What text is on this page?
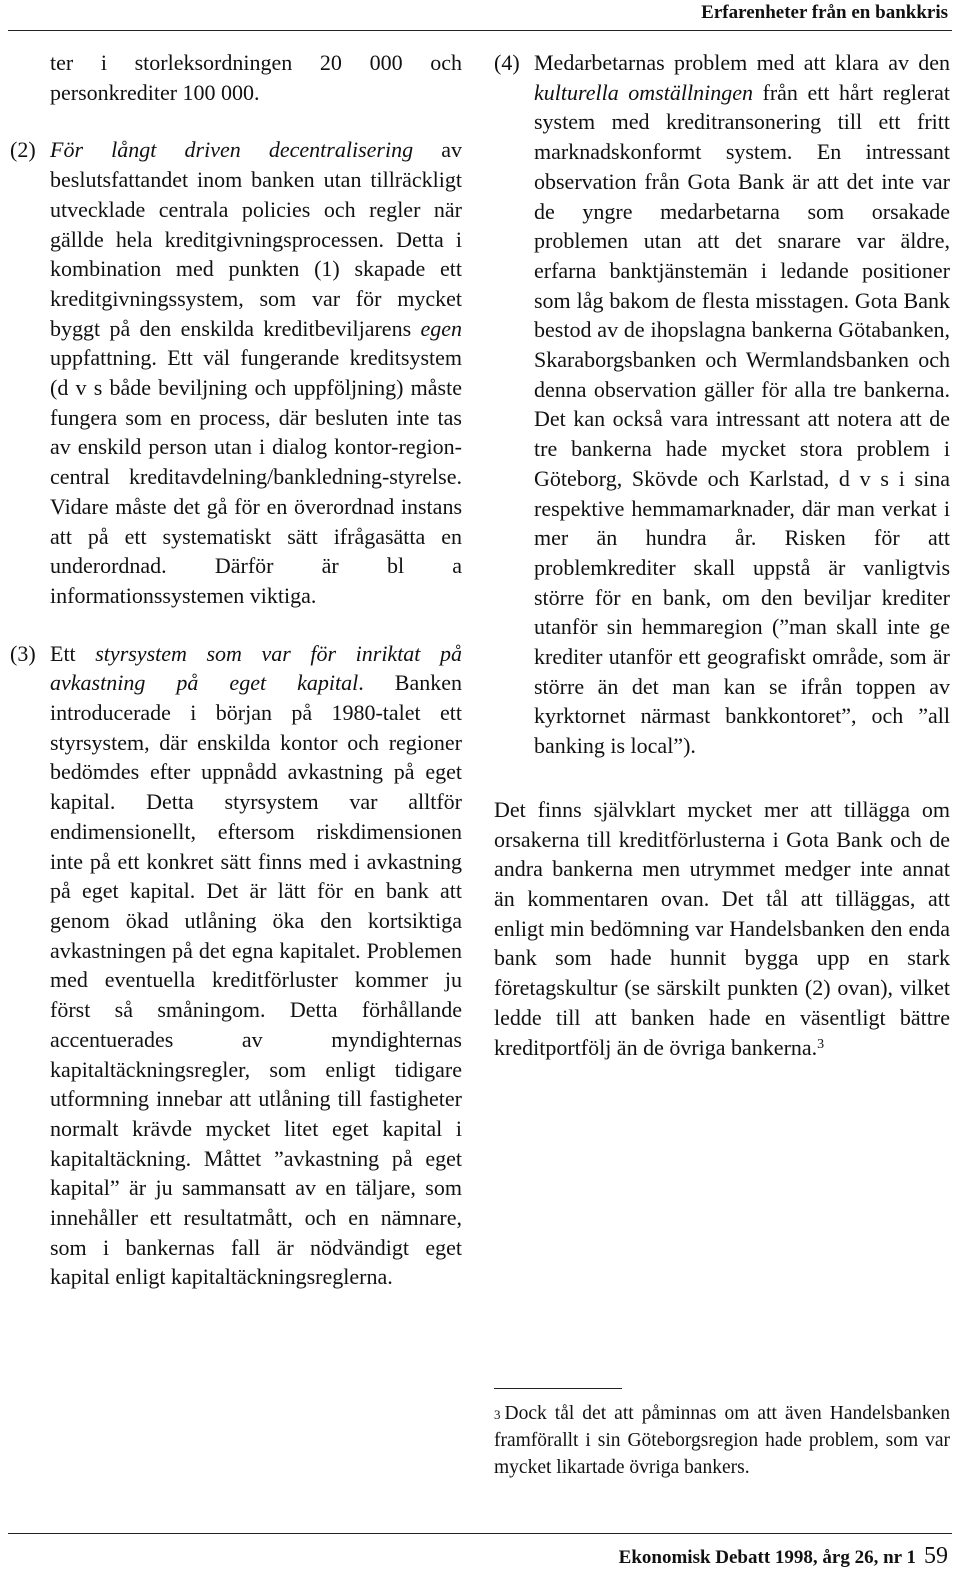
Erfarenheter från en bankkris

ter i storleksordningen 20 000 och personkrediter 100 000.

(2) För långt driven decentralisering av beslutsfattandet inom banken utan tillräckligt utvecklade centrala policies och regler när gällde hela kreditgivningsprocessen. Detta i kombination med punkten (1) skapade ett kreditgivningssystem, som var för mycket byggt på den enskilda kreditbeviljarens egen uppfattning. Ett väl fungerande kreditsystem (d v s både beviljning och uppföljning) måste fungera som en process, där besluten inte tas av enskild person utan i dialog kontor-region-central kreditavdelning/bankledning-styrelse. Vidare måste det gå för en överordnad instans att på ett systematiskt sätt ifrågasätta en underordnad. Därför är bl a informationssystemen viktiga.
(3) Ett styrsystem som var för inriktat på avkastning på eget kapital. Banken introducerade i början på 1980-talet ett styrsystem, där enskilda kontor och regioner bedömdes efter uppnådd avkastning på eget kapital. Detta styrsystem var alltför endimensionellt, eftersom riskdimensionen inte på ett konkret sätt finns med i avkastning på eget kapital. Det är lätt för en bank att genom ökad utlåning öka den kortsiktiga avkastningen på det egna kapitalet. Problemen med eventuella kreditförluster kommer ju först så småningom. Detta förhållande accentuerades av myndighternas kapitaltäckningsregler, som enligt tidigare utformning innebar att utlåning till fastigheter normalt krävde mycket litet eget kapital i kapitaltäckning. Måttet ”avkastning på eget kapital” är ju sammansatt av en täljare, som innehåller ett resultatmått, och en nämnare, som i bankernas fall är nödvändigt eget kapital enligt kapitaltäckningsreglerna.
(4) Medarbetarnas problem med att klara av den kulturella omställningen från ett hårt reglerat system med kreditransonering till ett fritt marknadskonformt system. En intressant observation från Gota Bank är att det inte var de yngre medarbetarna som orsakade problemen utan att det snarare var äldre, erfarna banktjänstemän i ledande positioner som låg bakom de flesta misstagen. Gota Bank bestod av de ihopslagna bankerna Götabanken, Skaraborgsbanken och Wermlandsbanken och denna observation gäller för alla tre bankerna. Det kan också vara intressant att notera att de tre bankerna hade mycket stora problem i Göteborg, Skövde och Karlstad, d v s i sina respektive hemmamarknader, där man verkat i mer än hundra år. Risken för att problemkrediter skall uppstå är vanligtvis större för en bank, om den beviljar krediter utanför sin hemmaregion (”man skall inte ge krediter utanför ett geografiskt område, som är större än det man kan se ifrån toppen av kyrktornet närmast bankkontoret”, och ”all banking is local”).

Det finns självklart mycket mer att tillägga om orsakerna till kreditförlusterna i Gota Bank och de andra bankerna men utrymmet medger inte annat än kommentaren ovan. Det tål att tilläggas, att enligt min bedömning var Handelsbanken den enda bank som hade hunnit bygga upp en stark företagskultur (se särskilt punkten (2) ovan), vilket ledde till att banken hade en väsentligt bättre kreditportfölj än de övriga bankerna.$^3$

$^3$ Dock tål det att påminnas om att även Handelsbanken framförallt i sin Göteborgsregion hade problem, som var mycket likartade övriga bankers.
Ekonomisk Debatt 1998, årg 26, nr 1 59
